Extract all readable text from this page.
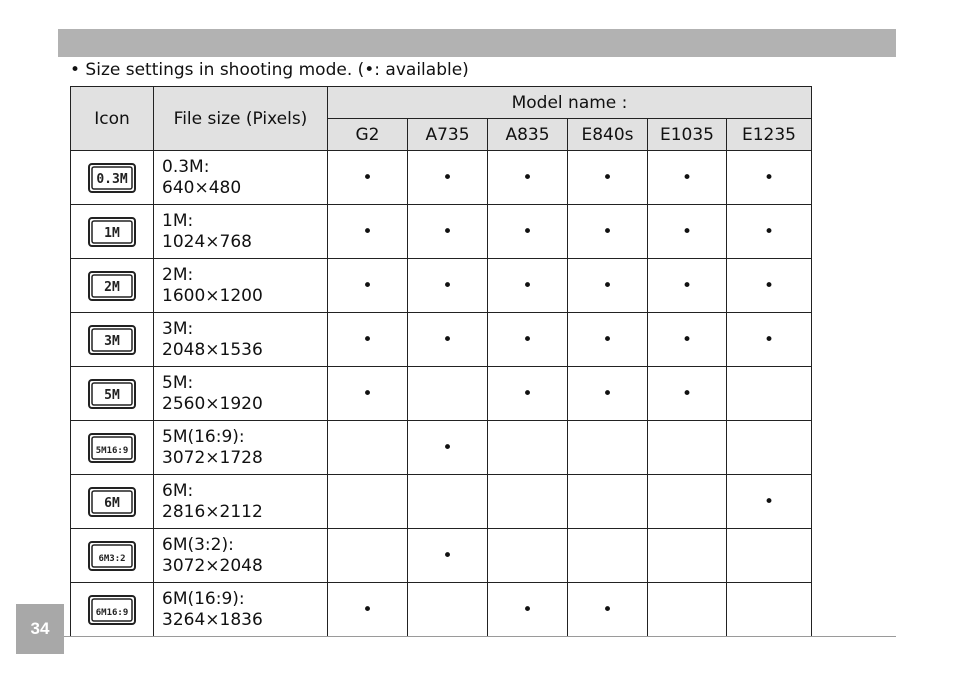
• Size settings in shooting mode. (•: available)
Icon	File size (Pixels)	Model name :					
		G2	A735	A835	E840s	E1035	E1235

0.3M	0.3M:
640×480	•	•	•	•	•	•

1M	1M:
1024×768	•	•	•	•	•	•

2M	2M:
1600×1200	•	•	•	•	•	•

3M	3M:
2048×1536	•	•	•	•	•	•

5M	5M:
2560×1920	•		•	•	•	

5M16:9	5M(16:9):
3072×1728		•				

6M	6M:
2816×2112						•

6M3:2	6M(3:2):
3072×2048		•				

6M16:9	6M(16:9):
3264×1836	•		•	•		
34
